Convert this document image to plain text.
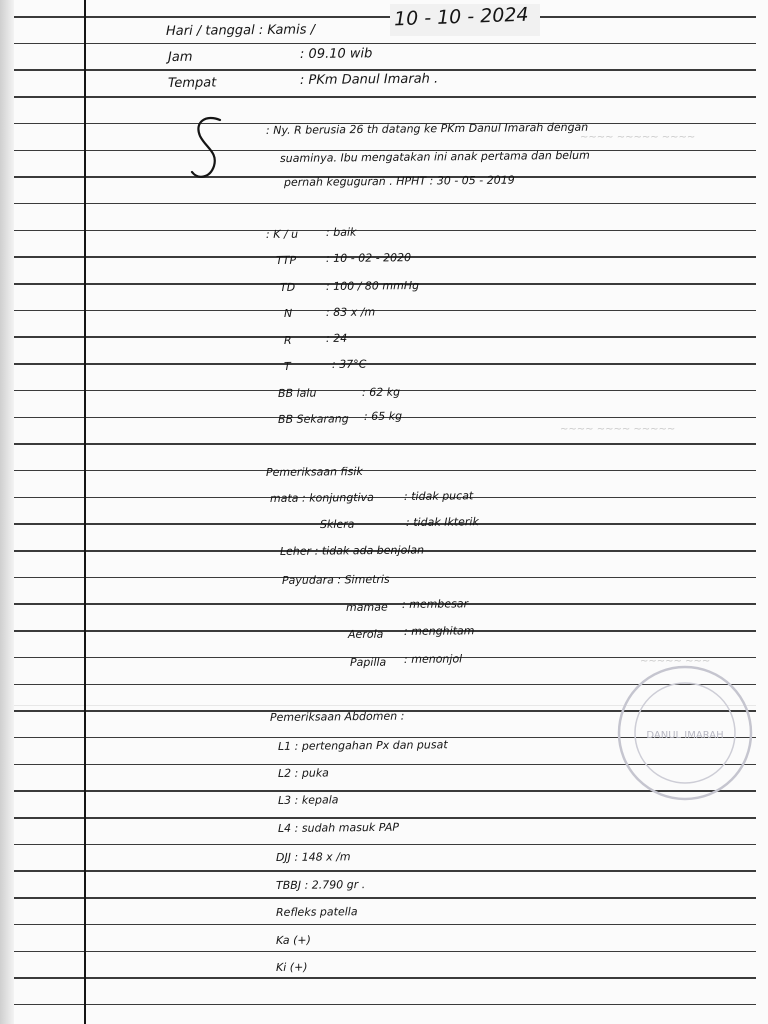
~~~~ ~~~~~ ~~~~
~~~~ ~~~~ ~~~~~
~~~~~ ~~~
10 - 10 - 2024
Hari / tanggal : Kamis /
Jam	: 09.10 wib
Tempat	: PKm Danul Imarah .
: Ny. R berusia 26 th datang ke PKm Danul Imarah dengan
suaminya. Ibu mengatakan ini anak pertama dan belum
pernah keguguran . HPHT : 30 - 05 - 2019
: K / u	: baik
TTP	: 10 - 02 - 2020
TD	: 100 / 80 mmHg
N	: 83 x /m
R	: 24
T	: 37°C
BB lalu	: 62 kg
BB Sekarang : 65 kg
Pemeriksaan fisik
mata : konjungtiva	: tidak pucat
Sklera	: tidak Ikterik
Leher : tidak ada benjolan
Payudara : Simetris
mamae : membesar
Aerola : menghitam
Papilla : menonjol
Pemeriksaan Abdomen :
L1 : pertengahan Px dan pusat
L2 : puka
L3 : kepala
L4 : sudah masuk PAP
DJJ : 148 x /m
TBBJ : 2.790 gr .
Refleks patella
Ka (+)
Ki (+)
DANUL IMARAH
